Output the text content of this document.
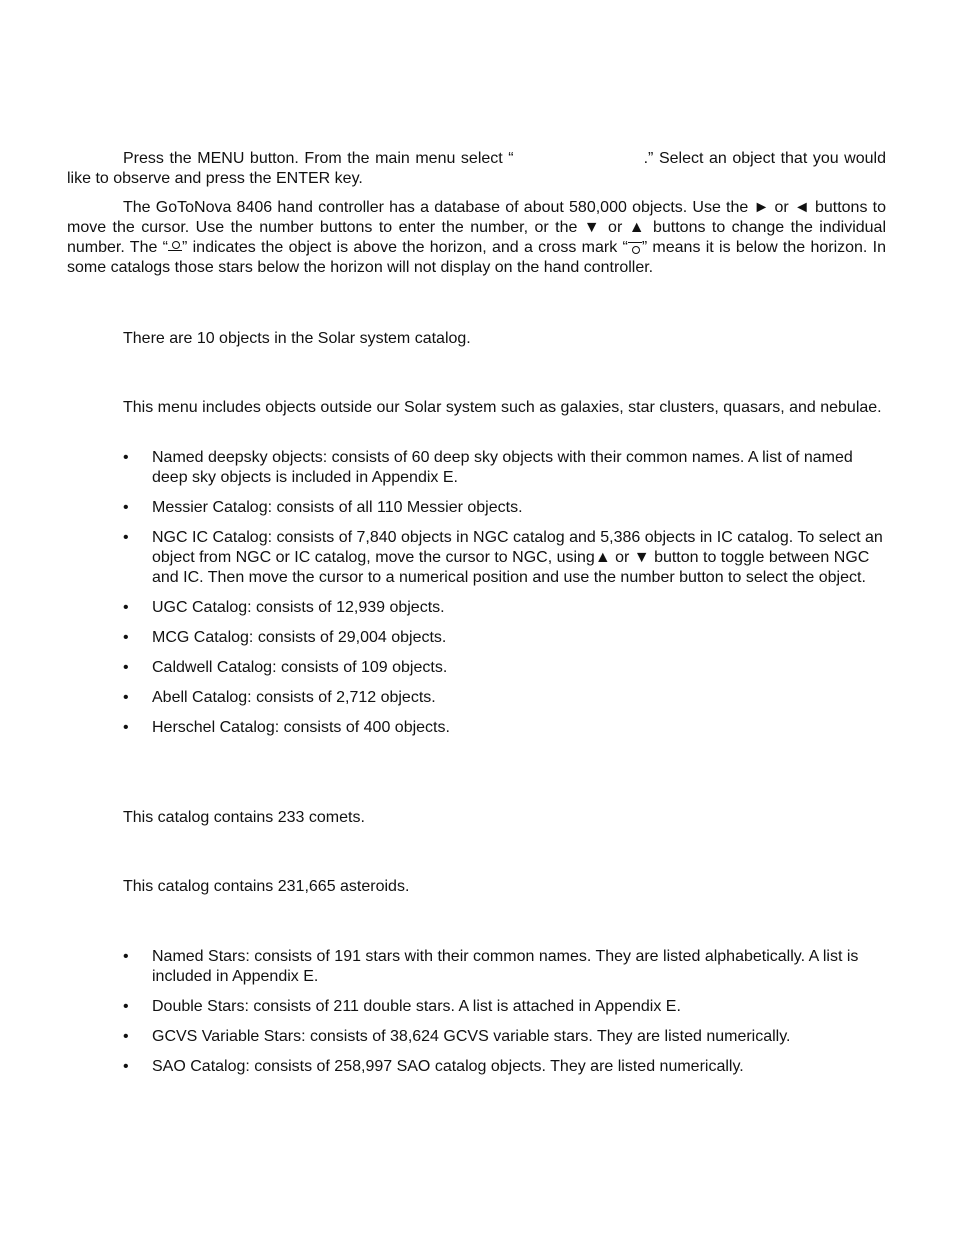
Press the MENU button. From the main menu select “	.” Select an object that you would like to observe and press the ENTER key.

The GoToNova 8406 hand controller has a database of about 580,000 objects. Use the ► or ◄ buttons to move the cursor. Use the number buttons to enter the number, or the ▼ or ▲ buttons to change the individual number. The “ ” indicates the object is above the horizon, and a cross mark “ ” means it is below the horizon. In some catalogs those stars below the horizon will not display on the hand controller.

There are 10 objects in the Solar system catalog.

This menu includes objects outside our Solar system such as galaxies, star clusters, quasars, and nebulae.

•	Named deepsky objects: consists of 60 deep sky objects with their common names. A list of named deep sky objects is included in Appendix E.
•	Messier Catalog: consists of all 110 Messier objects.
•	NGC IC Catalog: consists of 7,840 objects in NGC catalog and 5,386 objects in IC catalog. To select an object from NGC or IC catalog, move the cursor to NGC, using▲ or ▼ button to toggle between NGC and IC. Then move the cursor to a numerical position and use the number button to select the object.
•	UGC Catalog: consists of 12,939 objects.
•	MCG Catalog: consists of 29,004 objects.
•	Caldwell Catalog: consists of 109 objects.
•	Abell Catalog: consists of 2,712 objects.
•	Herschel Catalog: consists of 400 objects.

This catalog contains 233 comets.

This catalog contains 231,665 asteroids.

•	Named Stars: consists of 191 stars with their common names. They are listed alphabetically. A list is included in Appendix E.
•	Double Stars: consists of 211 double stars. A list is attached in Appendix E.
•	GCVS Variable Stars: consists of 38,624 GCVS variable stars. They are listed numerically.
•	SAO Catalog: consists of 258,997 SAO catalog objects. They are listed numerically.
